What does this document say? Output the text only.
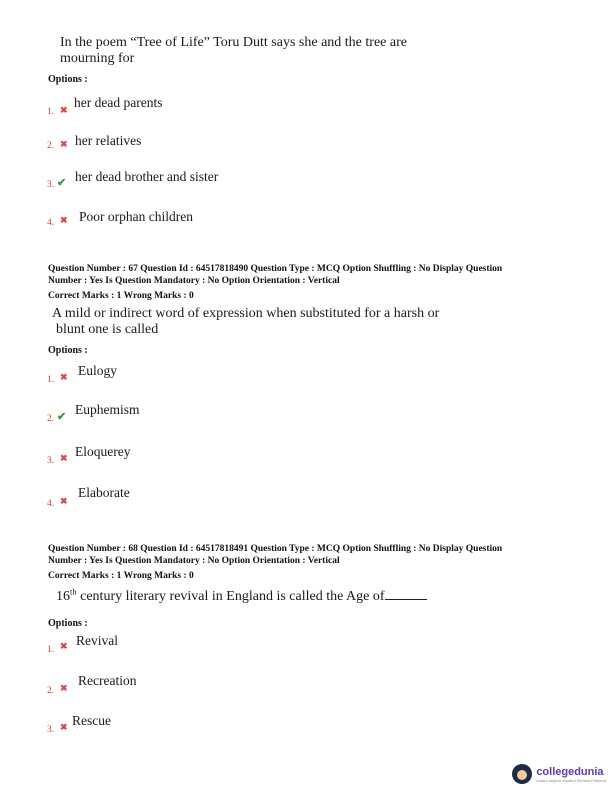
In the poem “Tree of Life” Toru Dutt says she and the tree are
mourning for
Options :
1. ✖ her dead parents
2. ✖ her relatives
3. ✔ her dead brother and sister
4. ✖ Poor orphan children
Question Number : 67 Question Id : 64517818490 Question Type : MCQ Option Shuffling : No Display Question
Number : Yes Is Question Mandatory : No Option Orientation : Vertical
Correct Marks : 1 Wrong Marks : 0
A mild or indirect word of expression when substituted for a harsh or
blunt one is called
Options :
1. ✖ Eulogy
2. ✔ Euphemism
3. ✖ Eloquerey
4. ✖
Elaborate
Question Number : 68 Question Id : 64517818491 Question Type : MCQ Option Shuffling : No Display Question
Number : Yes Is Question Mandatory : No Option Orientation : Vertical
Correct Marks : 1 Wrong Marks : 0
16th century literary revival in England is called the Age of
Options :
1. ✖ Revival
2. ✖ Recreation
3. ✖ Rescue
collegedunia
India's largest Student Review Platform
